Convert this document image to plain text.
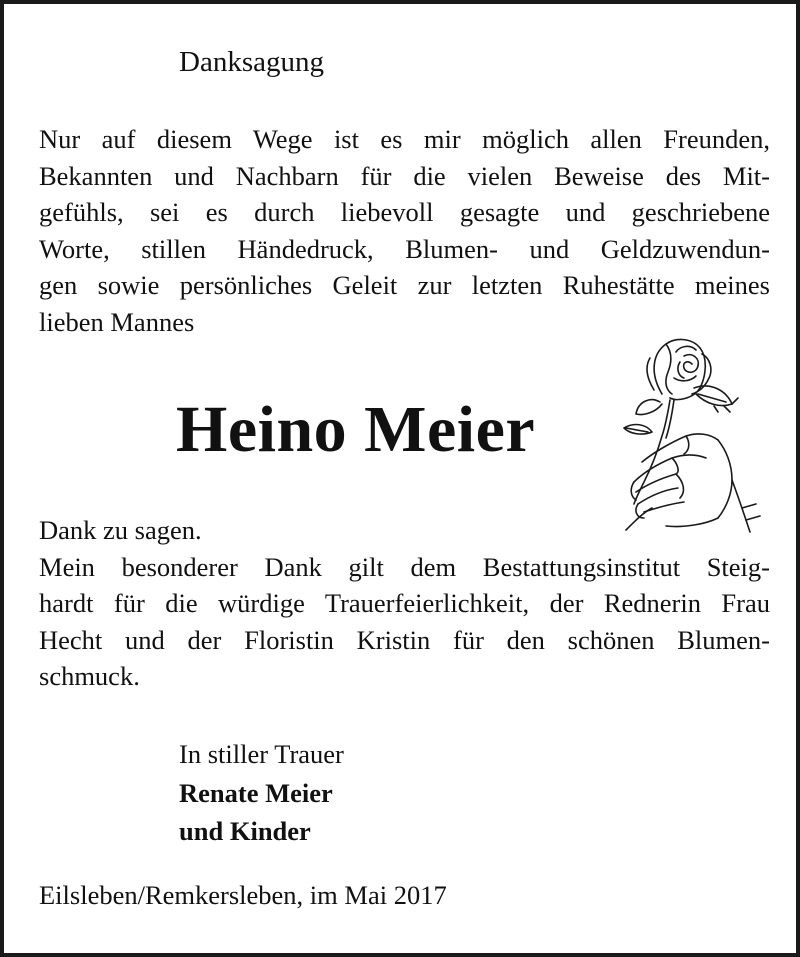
Danksagung
Nur auf diesem Wege ist es mir möglich allen Freunden,
Bekannten und Nachbarn für die vielen Beweise des Mit-
gefühls, sei es durch liebevoll gesagte und geschriebene
Worte, stillen Händedruck, Blumen- und Geldzuwendun-
gen sowie persönliches Geleit zur letzten Ruhestätte meines
lieben Mannes
Heino Meier
Dank zu sagen.
Mein besonderer Dank gilt dem Bestattungsinstitut Steig-
hardt für die würdige Trauerfeierlichkeit, der Rednerin Frau
Hecht und der Floristin Kristin für den schönen Blumen-
schmuck.
In stiller Trauer
Renate Meier
und Kinder
Eilsleben/Remkersleben, im Mai 2017
